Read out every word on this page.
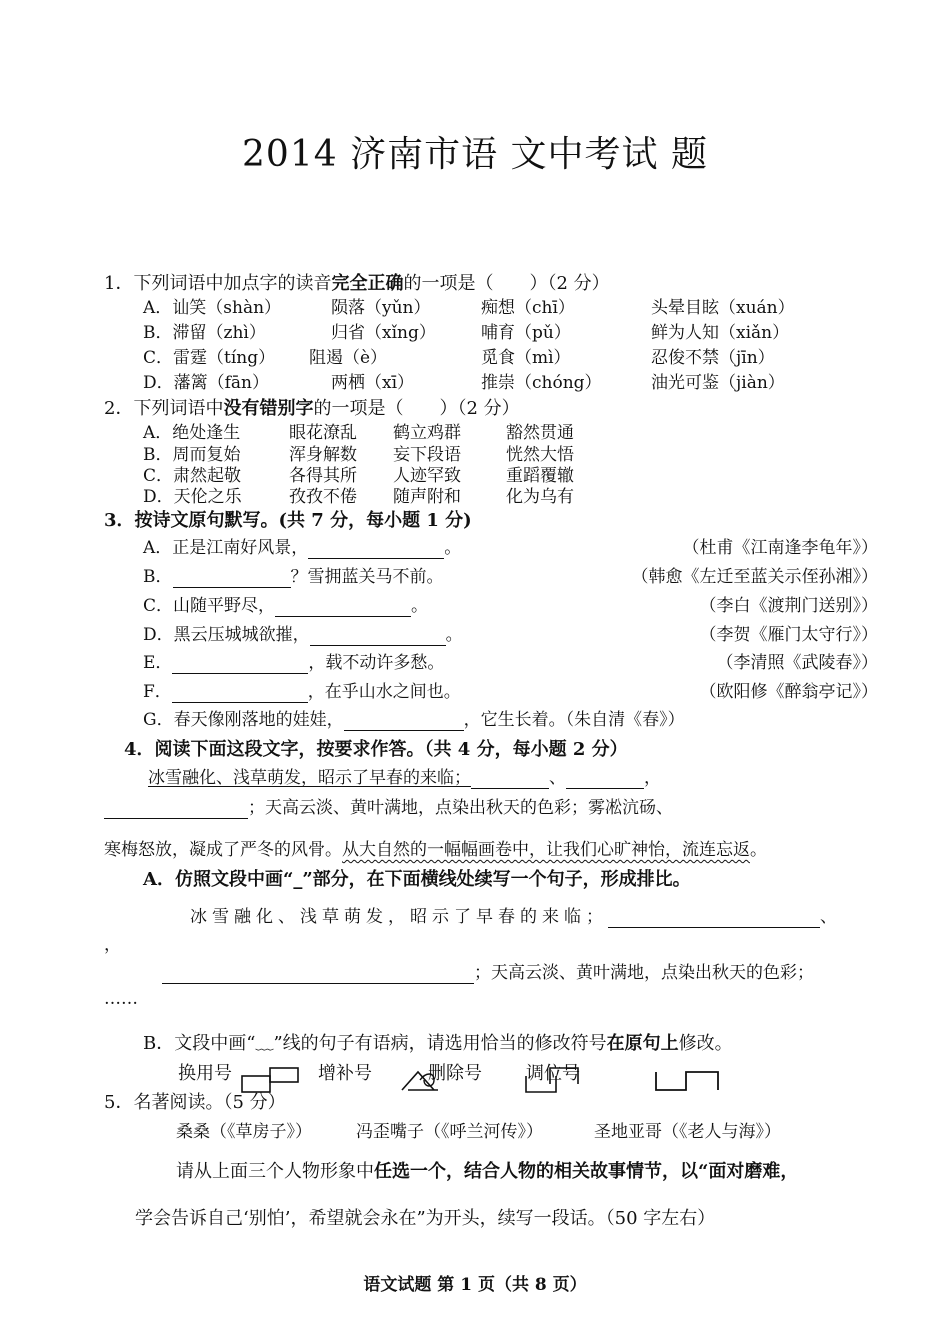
2014 济南市语 文中考试 题
1．下列词语中加点字的读音完全正确的一项是（　　）（2 分）
A．讪笑（shàn）	陨落（yǔn）	痴想（chī）	头晕目眩（xuán）
B．滞留（zhì）	归省（xǐng）	哺育（pǔ）	鲜为人知（xiǎn）
C．雷霆（tíng） 阻遏（è）	觅食（mì）	忍俊不禁（jīn）
D．藩篱（fān）	两栖（xī）	推崇（chóng）	油光可鉴（jiàn）
2．下列词语中没有错别字的一项是（　　）（2 分）
A．绝处逢生	眼花潦乱 鹤立鸡群	豁然贯通
B．周而复始	浑身解数 妄下段语	恍然大悟
C．肃然起敬	各得其所 人迹罕致	重蹈覆辙
D．天伦之乐	孜孜不倦 随声附和	化为乌有
3．按诗文原句默写。(共 7 分，每小题 1 分)
A．正是江南好风景，	。	（杜甫《江南逢李龟年》）
B．	？雪拥蓝关马不前。	（韩愈《左迁至蓝关示侄孙湘》）
C．山随平野尽，	。	（李白《渡荆门送别》）
D．黑云压城城欲摧，	。	（李贺《雁门太守行》）
E．	，载不动许多愁。	（李清照《武陵春》）
F．	，在乎山水之间也。	（欧阳修《醉翁亭记》）
G．春天像刚落地的娃娃，	，它生长着。（朱自清《春》）
4．阅读下面这段文字，按要求作答。（共 4 分，每小题 2 分）
冰雪融化、浅草萌发，昭示了早春的来临；	、	，
；天高云淡、黄叶满地，点染出秋天的色彩；雾凇沆砀、
寒梅怒放，凝成了严冬的风骨。从大自然的一幅幅画卷中，让我们心旷神怡，流连忘返。
A．仿照文段中画“_”部分，在下面横线处续写一个句子，形成排比。
冰雪融化、浅草萌发，昭示了早春的来临；	、
，
；天高云淡、黄叶满地，点染出秋天的色彩；
……
B．文段中画“﹏”线的句子有语病，请选用恰当的修改符号在原句上修改。
换用号	增补号	删除号 调位号
5．名著阅读。（5 分）
桑桑（《草房子》）	冯歪嘴子（《呼兰河传》）	圣地亚哥（《老人与海》）
请从上面三个人物形象中任选一个，结合人物的相关故事情节，以“面对磨难，
学会告诉自己‘别怕’，希望就会永在”为开头，续写一段话。（50 字左右）
语文试题 第 1 页（共 8 页）
